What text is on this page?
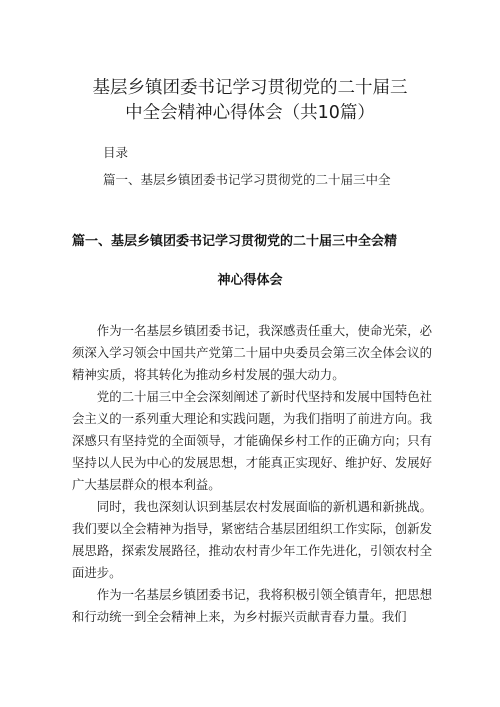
基层乡镇团委书记学习贯彻党的二十届三
中全会精神心得体会（共10篇）
目录
篇一、基层乡镇团委书记学习贯彻党的二十届三中全
篇一、基层乡镇团委书记学习贯彻党的二十届三中全会精
神心得体会

作为一名基层乡镇团委书记，我深感责任重大，使命光荣，必须深入学习领会中国共产党第二十届中央委员会第三次全体会议的精神实质，将其转化为推动乡村发展的强大动力。

党的二十届三中全会深刻阐述了新时代坚持和发展中国特色社会主义的一系列重大理论和实践问题，为我们指明了前进方向。我深感只有坚持党的全面领导，才能确保乡村工作的正确方向；只有坚持以人民为中心的发展思想，才能真正实现好、维护好、发展好广大基层群众的根本利益。

同时，我也深刻认识到基层农村发展面临的新机遇和新挑战。我们要以全会精神为指导，紧密结合基层团组织工作实际，创新发展思路，探索发展路径，推动农村青少年工作先进化，引领农村全面进步。

作为一名基层乡镇团委书记，我将积极引领全镇青年，把思想和行动统一到全会精神上来，为乡村振兴贡献青春力量。我们
